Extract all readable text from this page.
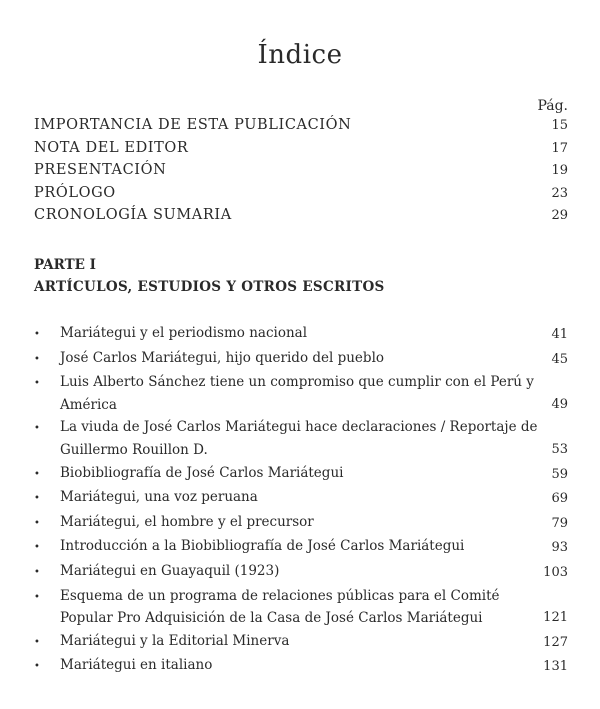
Índice
Pág.
IMPORTANCIA DE ESTA PUBLICACIÓN	15
NOTA DEL EDITOR	17
PRESENTACIÓN	19
PRÓLOGO	23
CRONOLOGÍA SUMARIA	29
PARTE I
ARTÍCULOS, ESTUDIOS Y OTROS ESCRITOS
•	Mariátegui y el periodismo nacional	41
•	José Carlos Mariátegui, hijo querido del pueblo	45
•	Luis Alberto Sánchez tiene un compromiso que cumplir con el Perú y América	49
•	La viuda de José Carlos Mariátegui hace declaraciones / Reportaje de Guillermo Rouillon D.	53
•	Biobibliografía de José Carlos Mariátegui	59
•	Mariátegui, una voz peruana	69
•	Mariátegui, el hombre y el precursor	79
•	Introducción a la Biobibliografía de José Carlos Mariátegui	93
•	Mariátegui en Guayaquil (1923)	103
•	Esquema de un programa de relaciones públicas para el Comité Popular Pro Adquisición de la Casa de José Carlos Mariátegui	121
•	Mariátegui y la Editorial Minerva	127
•	Mariátegui en italiano	131
